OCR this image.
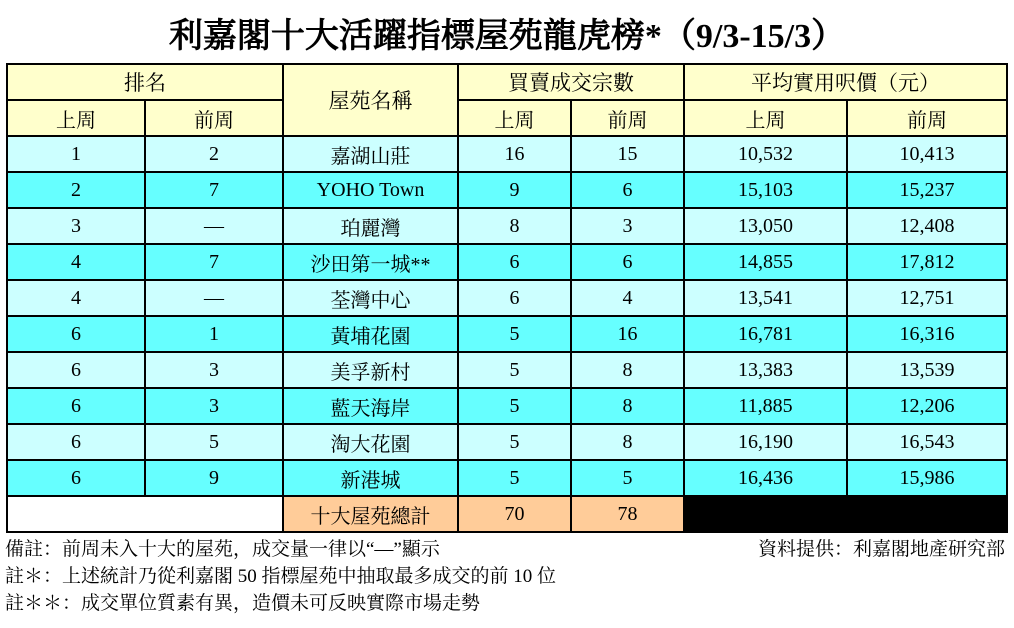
利嘉閣十大活躍指標屋苑龍虎榜*（9/3-15/3）
排名		屋苑名稱	買賣成交宗數		平均實用呎價（元）	
上周	前周		上周	前周	上周	前周
1	2	嘉湖山莊	16	15	10,532	10,413
2	7	YOHO Town	9	6	15,103	15,237
3	—	珀麗灣	8	3	13,050	12,408
4	7	沙田第一城**	6	6	14,855	17,812
4	—	荃灣中心	6	4	13,541	12,751
6	1	黃埔花園	5	16	16,781	16,316
6	3	美孚新村	5	8	13,383	13,539
6	3	藍天海岸	5	8	11,885	12,206
6	5	淘大花園	5	8	16,190	16,543
6	9	新港城	5	5	16,436	15,986
		十大屋苑總計	70	78		
備註：前周未入十大的屋苑，成交量一律以“—”顯示	資料提供：利嘉閣地產研究部
註＊：上述統計乃從利嘉閣 50 指標屋苑中抽取最多成交的前 10 位
註＊＊：成交單位質素有異，造價未可反映實際市場走勢
